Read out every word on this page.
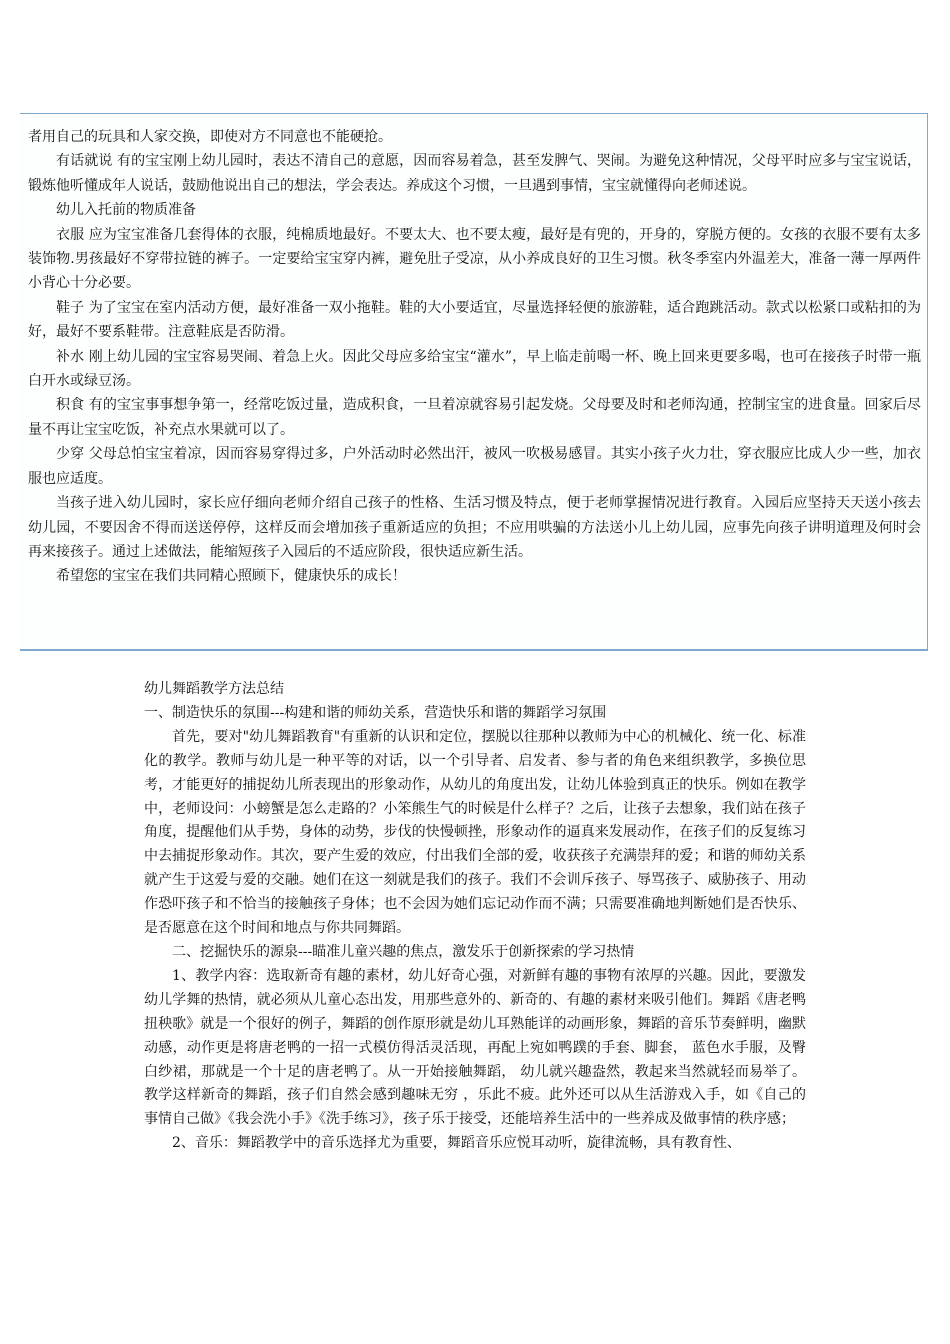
者用自己的玩具和人家交换，即使对方不同意也不能硬抢。

有话就说 有的宝宝刚上幼儿园时，表达不清自己的意愿，因而容易着急，甚至发脾气、哭闹。为避免这种情况，父母平时应多与宝宝说话，锻炼他听懂成年人说话，鼓励他说出自己的想法，学会表达。养成这个习惯，一旦遇到事情，宝宝就懂得向老师述说。

幼儿入托前的物质准备

衣服 应为宝宝准备几套得体的衣服，纯棉质地最好。不要太大、也不要太瘦，最好是有兜的，开身的，穿脱方便的。女孩的衣服不要有太多装饰物.男孩最好不穿带拉链的裤子。一定要给宝宝穿内裤，避免肚子受凉，从小养成良好的卫生习惯。秋冬季室内外温差大，准备一薄一厚两件小背心十分必要。

鞋子 为了宝宝在室内活动方便，最好准备一双小拖鞋。鞋的大小要适宜，尽量选择轻便的旅游鞋，适合跑跳活动。款式以松紧口或粘扣的为好，最好不要系鞋带。注意鞋底是否防滑。

补水 刚上幼儿园的宝宝容易哭闹、着急上火。因此父母应多给宝宝“灌水”，早上临走前喝一杯、晚上回来更要多喝，也可在接孩子时带一瓶白开水或绿豆汤。

积食 有的宝宝事事想争第一，经常吃饭过量，造成积食，一旦着凉就容易引起发烧。父母要及时和老师沟通，控制宝宝的进食量。回家后尽量不再让宝宝吃饭，补充点水果就可以了。

少穿 父母总怕宝宝着凉，因而容易穿得过多，户外活动时必然出汗，被风一吹极易感冒。其实小孩子火力壮，穿衣服应比成人少一些，加衣服也应适度。

当孩子进入幼儿园时，家长应仔细向老师介绍自己孩子的性格、生活习惯及特点，便于老师掌握情况进行教育。入园后应坚持天天送小孩去幼儿园，不要因舍不得而送送停停，这样反而会增加孩子重新适应的负担；不应用哄骗的方法送小儿上幼儿园，应事先向孩子讲明道理及何时会再来接孩子。通过上述做法，能缩短孩子入园后的不适应阶段，很快适应新生活。

希望您的宝宝在我们共同精心照顾下，健康快乐的成长！

幼儿舞蹈教学方法总结

一、制造快乐的氛围---构建和谐的师幼关系，营造快乐和谐的舞蹈学习氛围

首先，要对"幼儿舞蹈教育"有重新的认识和定位，摆脱以往那种以教师为中心的机械化、统一化、标准化的教学。教师与幼儿是一种平等的对话，以一个引导者、启发者、参与者的角色来组织教学，多换位思考，才能更好的捕捉幼儿所表现出的形象动作，从幼儿的角度出发，让幼儿体验到真正的快乐。例如在教学中，老师设问：小螃蟹是怎么走路的？小笨熊生气的时候是什么样子？之后，让孩子去想象，我们站在孩子角度，提醒他们从手势，身体的动势，步伐的快慢顿挫，形象动作的逼真来发展动作，在孩子们的反复练习中去捕捉形象动作。其次，要产生爱的效应，付出我们全部的爱，收获孩子充满崇拜的爱；和谐的师幼关系就产生于这爱与爱的交融。她们在这一刻就是我们的孩子。我们不会训斥孩子、辱骂孩子、威胁孩子、用动作恐吓孩子和不恰当的接触孩子身体；也不会因为她们忘记动作而不满；只需要准确地判断她们是否快乐、是否愿意在这个时间和地点与你共同舞蹈。

二、挖掘快乐的源泉---瞄准儿童兴趣的焦点，激发乐于创新探索的学习热情

1、教学内容：选取新奇有趣的素材，幼儿好奇心强，对新鲜有趣的事物有浓厚的兴趣。因此，要激发幼儿学舞的热情，就必须从儿童心态出发，用那些意外的、新奇的、有趣的素材来吸引他们。舞蹈《唐老鸭扭秧歌》就是一个很好的例子，舞蹈的创作原形就是幼儿耳熟能详的动画形象，舞蹈的音乐节奏鲜明，幽默动感，动作更是将唐老鸭的一招一式模仿得活灵活现，再配上宛如鸭蹼的手套、脚套， 蓝色水手服，及臀白纱裙，那就是一个十足的唐老鸭了。从一开始接触舞蹈， 幼儿就兴趣盎然，教起来当然就轻而易举了。教学这样新奇的舞蹈，孩子们自然会感到趣味无穷 ，乐此不疲。此外还可以从生活游戏入手，如《自己的事情自己做》《我会洗小手》《洗手练习》，孩子乐于接受，还能培养生活中的一些养成及做事情的秩序感；

2、音乐：舞蹈教学中的音乐选择尤为重要，舞蹈音乐应悦耳动听，旋律流畅，具有教育性、
